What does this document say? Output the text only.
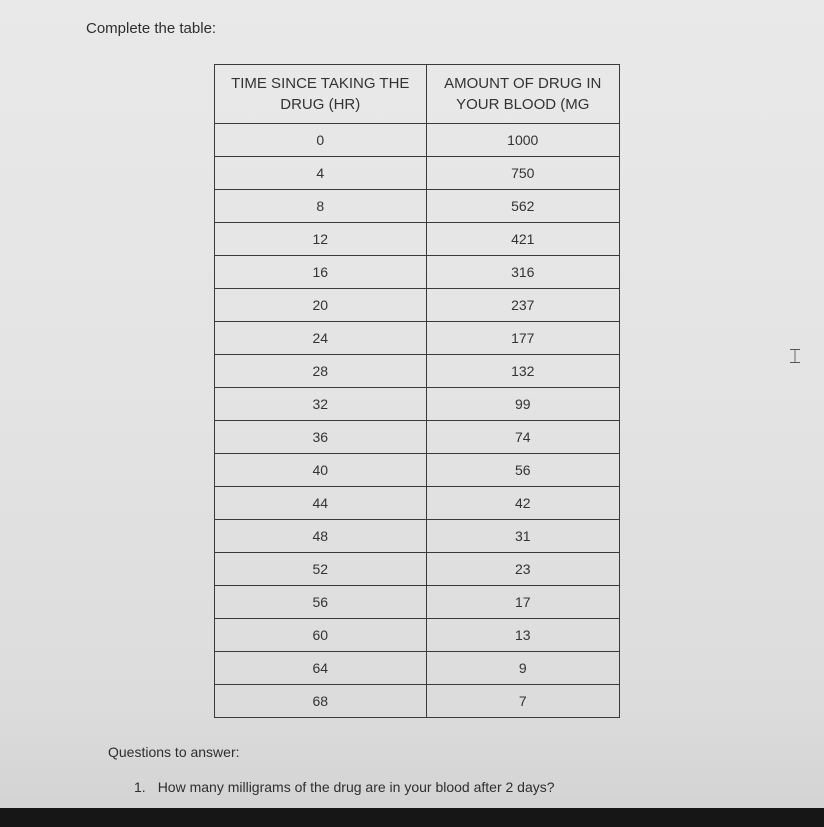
Complete the table:
TIME SINCE TAKING THE DRUG (HR)	AMOUNT OF DRUG IN YOUR BLOOD (MG
0	1000
4	750
8	562
12	421
16	316
20	237
24	177
28	132
32	99
36	74
40	56
44	42
48	31
52	23
56	17
60	13
64	9
68	7
Questions to answer:
1. How many milligrams of the drug are in your blood after 2 days?
⌶
